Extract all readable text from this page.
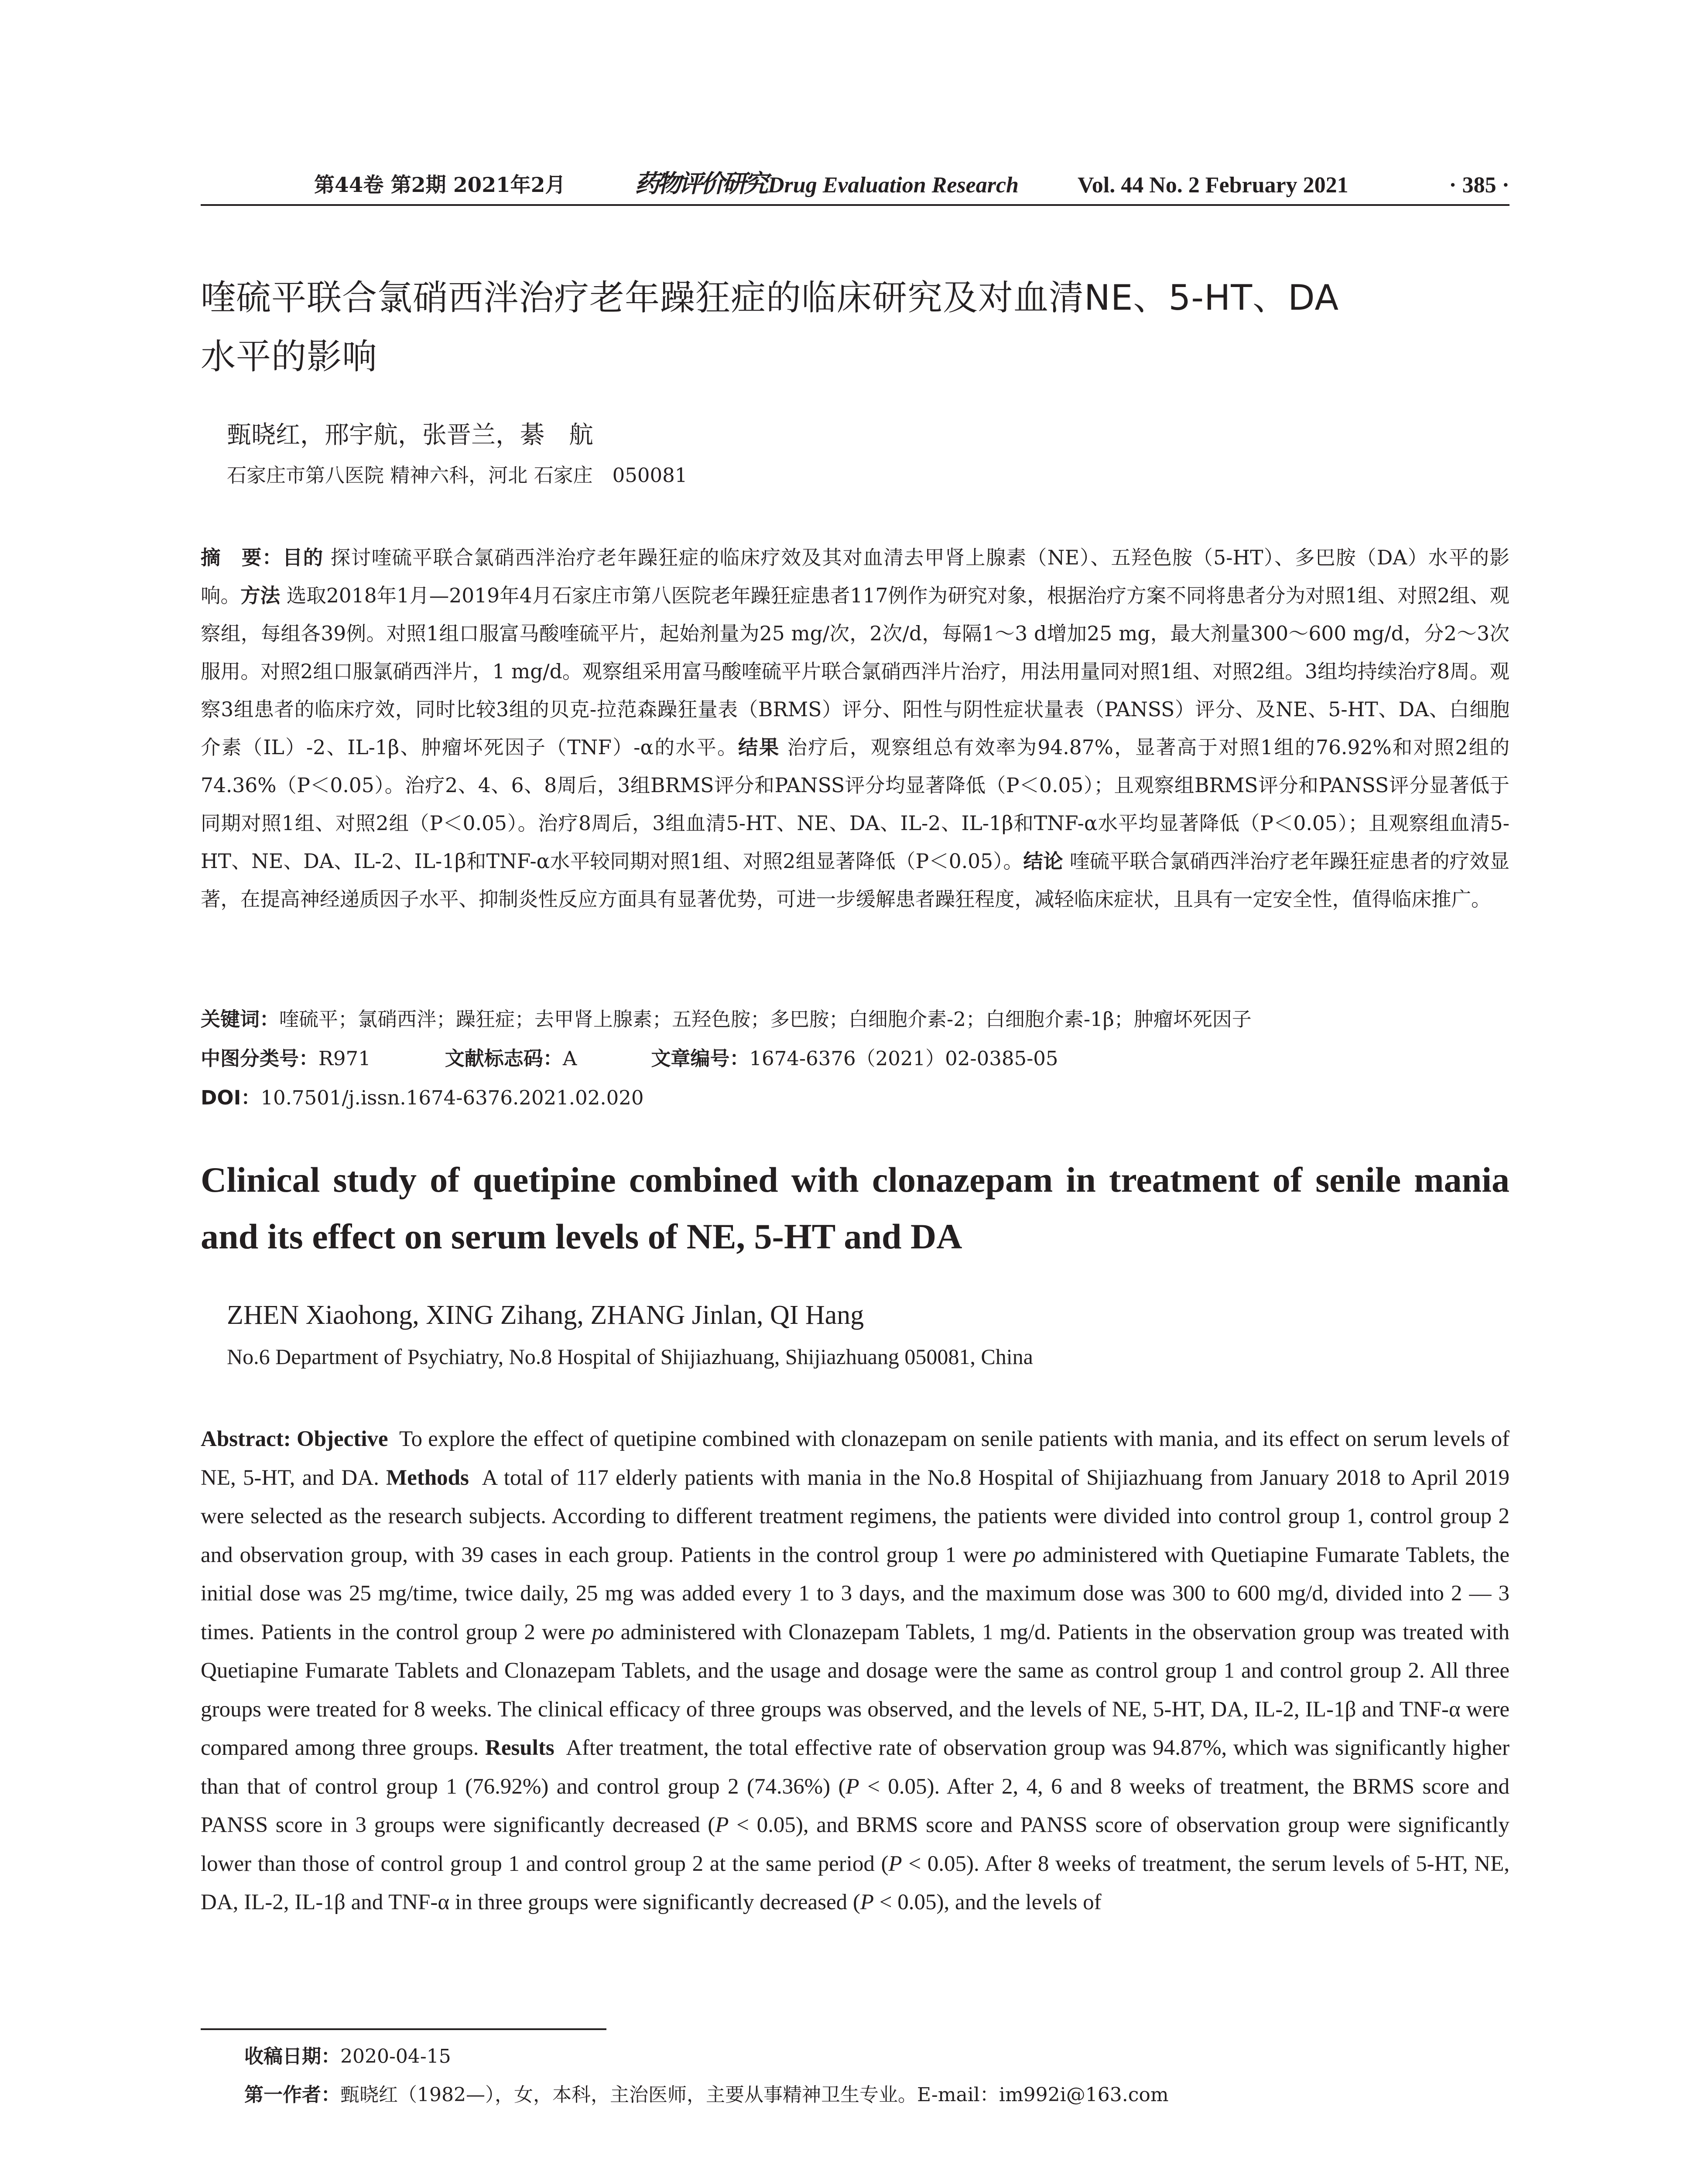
第44卷 第2期 2021年2月	药物评价研究 Drug Evaluation Research	Vol. 44 No. 2 February 2021	· 385 ·
喹硫平联合氯硝西泮治疗老年躁狂症的临床研究及对血清NE、5-HT、DA
水平的影响
甄晓红，邢宇航，张晋兰，綦　航
石家庄市第八医院 精神六科，河北 石家庄　050081
摘　要：目的 探讨喹硫平联合氯硝西泮治疗老年躁狂症的临床疗效及其对血清去甲肾上腺素（NE）、五羟色胺（5-HT）、多巴胺（DA）水平的影响。方法 选取2018年1月—2019年4月石家庄市第八医院老年躁狂症患者117例作为研究对象，根据治疗方案不同将患者分为对照1组、对照2组、观察组，每组各39例。对照1组口服富马酸喹硫平片，起始剂量为25 mg/次，2次/d，每隔1～3 d增加25 mg，最大剂量300～600 mg/d，分2～3次服用。对照2组口服氯硝西泮片，1 mg/d。观察组采用富马酸喹硫平片联合氯硝西泮片治疗，用法用量同对照1组、对照2组。3组均持续治疗8周。观察3组患者的临床疗效，同时比较3组的贝克-拉范森躁狂量表（BRMS）评分、阳性与阴性症状量表（PANSS）评分、及NE、5-HT、DA、白细胞介素（IL）-2、IL-1β、肿瘤坏死因子（TNF）-α的水平。结果 治疗后，观察组总有效率为94.87%，显著高于对照1组的76.92%和对照2组的74.36%（P＜0.05）。治疗2、4、6、8周后，3组BRMS评分和PANSS评分均显著降低（P＜0.05）；且观察组BRMS评分和PANSS评分显著低于同期对照1组、对照2组（P＜0.05）。治疗8周后，3组血清5-HT、NE、DA、IL-2、IL-1β和TNF-α水平均显著降低（P＜0.05）；且观察组血清5-HT、NE、DA、IL-2、IL-1β和TNF-α水平较同期对照1组、对照2组显著降低（P＜0.05）。结论 喹硫平联合氯硝西泮治疗老年躁狂症患者的疗效显著，在提高神经递质因子水平、抑制炎性反应方面具有显著优势，可进一步缓解患者躁狂程度，减轻临床症状，且具有一定安全性，值得临床推广。
关键词：喹硫平；氯硝西泮；躁狂症；去甲肾上腺素；五羟色胺；多巴胺；白细胞介素-2；白细胞介素-1β；肿瘤坏死因子
中图分类号：R971	文献标志码：A	文章编号：1674-6376（2021）02-0385-05
DOI：10.7501/j.issn.1674-6376.2021.02.020
Clinical study of quetipine combined with clonazepam in treatment of senile mania and its effect on serum levels of NE, 5-HT and DA
ZHEN Xiaohong, XING Zihang, ZHANG Jinlan, QI Hang
No.6 Department of Psychiatry, No.8 Hospital of Shijiazhuang, Shijiazhuang 050081, China
Abstract: Objective To explore the effect of quetipine combined with clonazepam on senile patients with mania, and its effect on serum levels of NE, 5-HT, and DA. Methods A total of 117 elderly patients with mania in the No.8 Hospital of Shijiazhuang from January 2018 to April 2019 were selected as the research subjects. According to different treatment regimens, the patients were divided into control group 1, control group 2 and observation group, with 39 cases in each group. Patients in the control group 1 were po administered with Quetiapine Fumarate Tablets, the initial dose was 25 mg/time, twice daily, 25 mg was added every 1 to 3 days, and the maximum dose was 300 to 600 mg/d, divided into 2 — 3 times. Patients in the control group 2 were po administered with Clonazepam Tablets, 1 mg/d. Patients in the observation group was treated with Quetiapine Fumarate Tablets and Clonazepam Tablets, and the usage and dosage were the same as control group 1 and control group 2. All three groups were treated for 8 weeks. The clinical efficacy of three groups was observed, and the levels of NE, 5-HT, DA, IL-2, IL-1β and TNF-α were compared among three groups. Results After treatment, the total effective rate of observation group was 94.87%, which was significantly higher than that of control group 1 (76.92%) and control group 2 (74.36%) (P < 0.05). After 2, 4, 6 and 8 weeks of treatment, the BRMS score and PANSS score in 3 groups were significantly decreased (P < 0.05), and BRMS score and PANSS score of observation group were significantly lower than those of control group 1 and control group 2 at the same period (P < 0.05). After 8 weeks of treatment, the serum levels of 5-HT, NE, DA, IL-2, IL-1β and TNF-α in three groups were significantly decreased (P < 0.05), and the levels of
收稿日期：2020-04-15
第一作者：甄晓红（1982—），女，本科，主治医师，主要从事精神卫生专业。E-mail：im992i@163.com
